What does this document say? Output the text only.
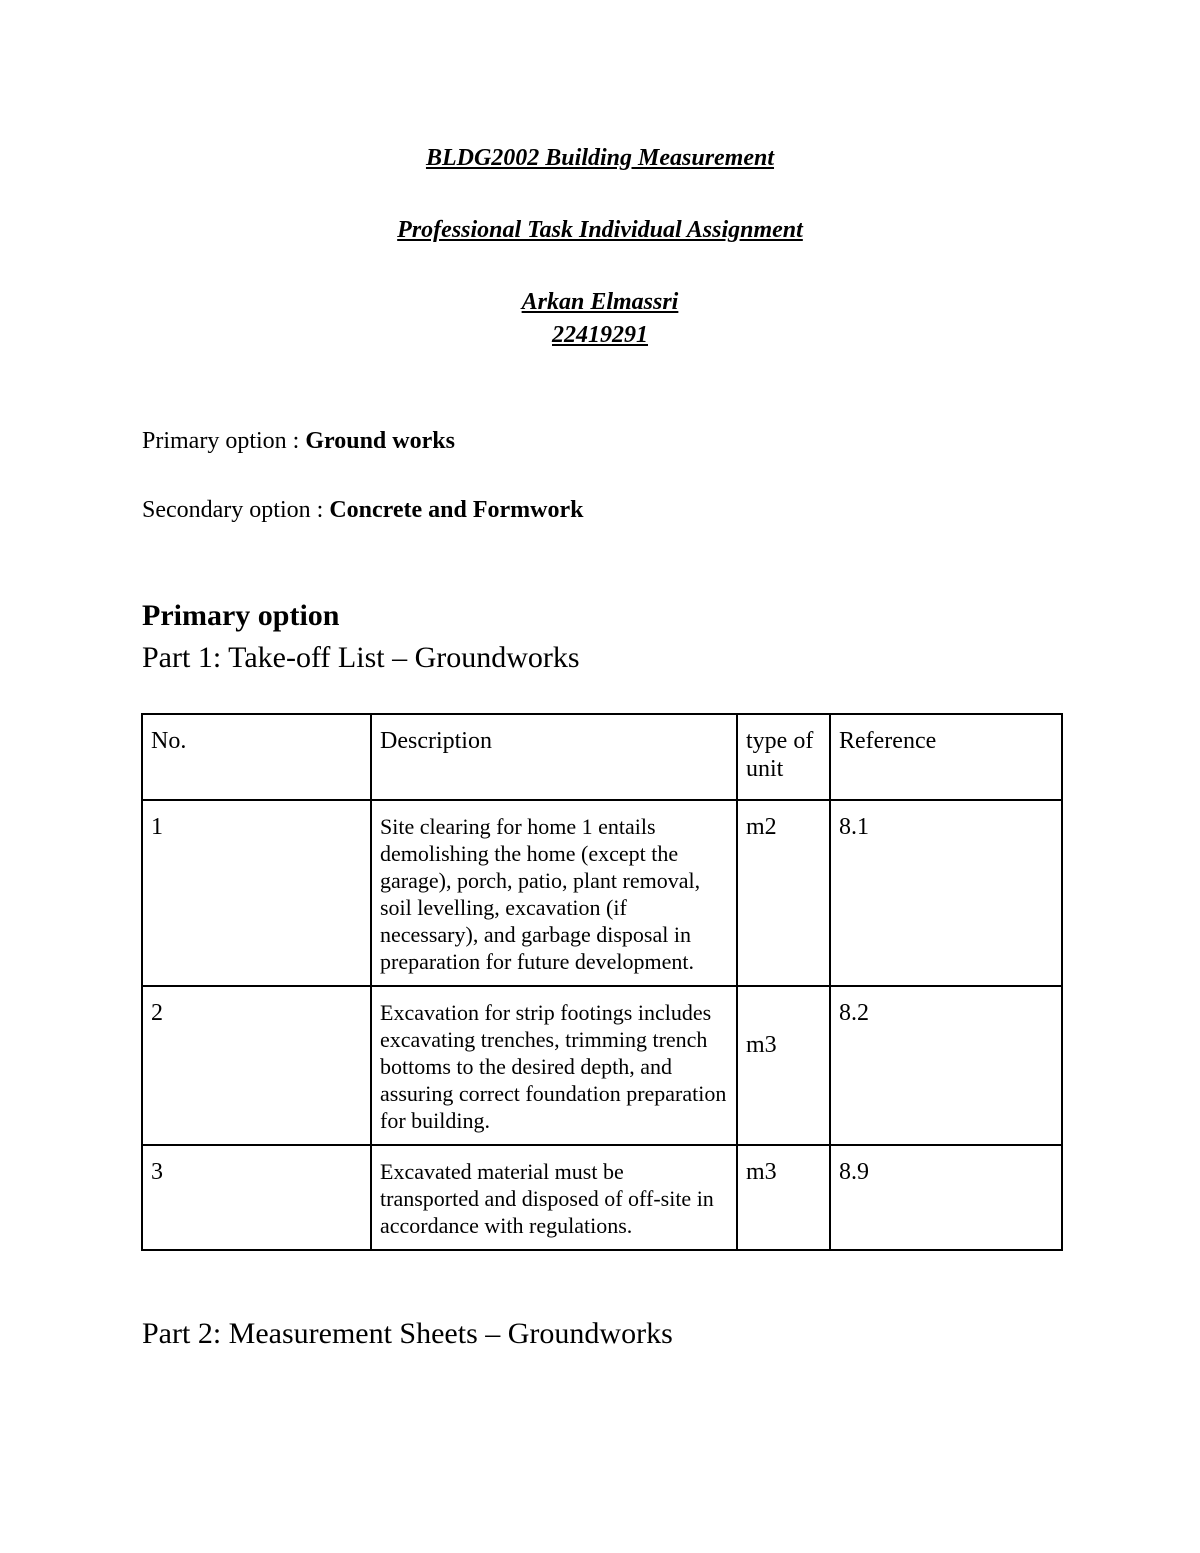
BLDG2002 Building Measurement
Professional Task Individual Assignment
Arkan Elmassri
22419291
Primary option : Ground works
Secondary option : Concrete and Formwork
Primary option
Part 1: Take-off List – Groundworks
No.	Description	type of unit	Reference
1	Site clearing for home 1 entails demolishing the home (except the garage), porch, patio, plant removal, soil levelling, excavation (if necessary), and garbage disposal in preparation for future development.	m2	8.1
2	Excavation for strip footings includes excavating trenches, trimming trench bottoms to the desired depth, and assuring correct foundation preparation for building.	m3	8.2
3	Excavated material must be transported and disposed of off-site in accordance with regulations.	m3	8.9
Part 2: Measurement Sheets – Groundworks
